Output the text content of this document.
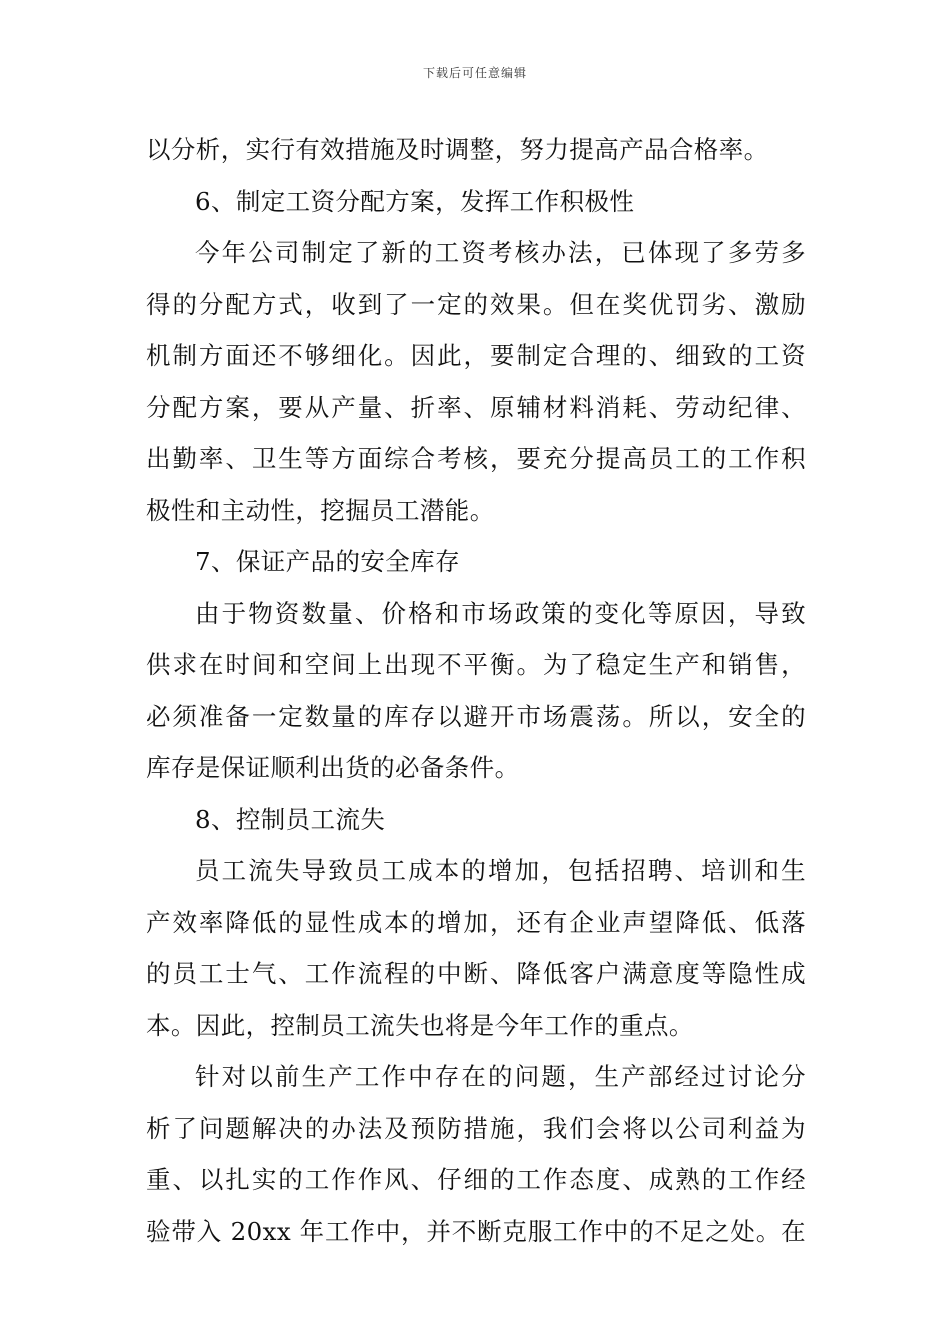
下载后可任意编辑
以分析，实行有效措施及时调整，努力提高产品合格率。
6、制定工资分配方案，发挥工作积极性
今年公司制定了新的工资考核办法，已体现了多劳多
得的分配方式，收到了一定的效果。但在奖优罚劣、激励
机制方面还不够细化。因此，要制定合理的、细致的工资
分配方案，要从产量、折率、原辅材料消耗、劳动纪律、
出勤率、卫生等方面综合考核，要充分提高员工的工作积
极性和主动性，挖掘员工潜能。
7、保证产品的安全库存
由于物资数量、价格和市场政策的变化等原因，导致
供求在时间和空间上出现不平衡。为了稳定生产和销售，
必须准备一定数量的库存以避开市场震荡。所以，安全的
库存是保证顺利出货的必备条件。
8、控制员工流失
员工流失导致员工成本的增加，包括招聘、培训和生
产效率降低的显性成本的增加，还有企业声望降低、低落
的员工士气、工作流程的中断、降低客户满意度等隐性成
本。因此，控制员工流失也将是今年工作的重点。
针对以前生产工作中存在的问题，生产部经过讨论分
析了问题解决的办法及预防措施，我们会将以公司利益为
重、以扎实的工作作风、仔细的工作态度、成熟的工作经
验带入 20xx 年工作中，并不断克服工作中的不足之处。在
